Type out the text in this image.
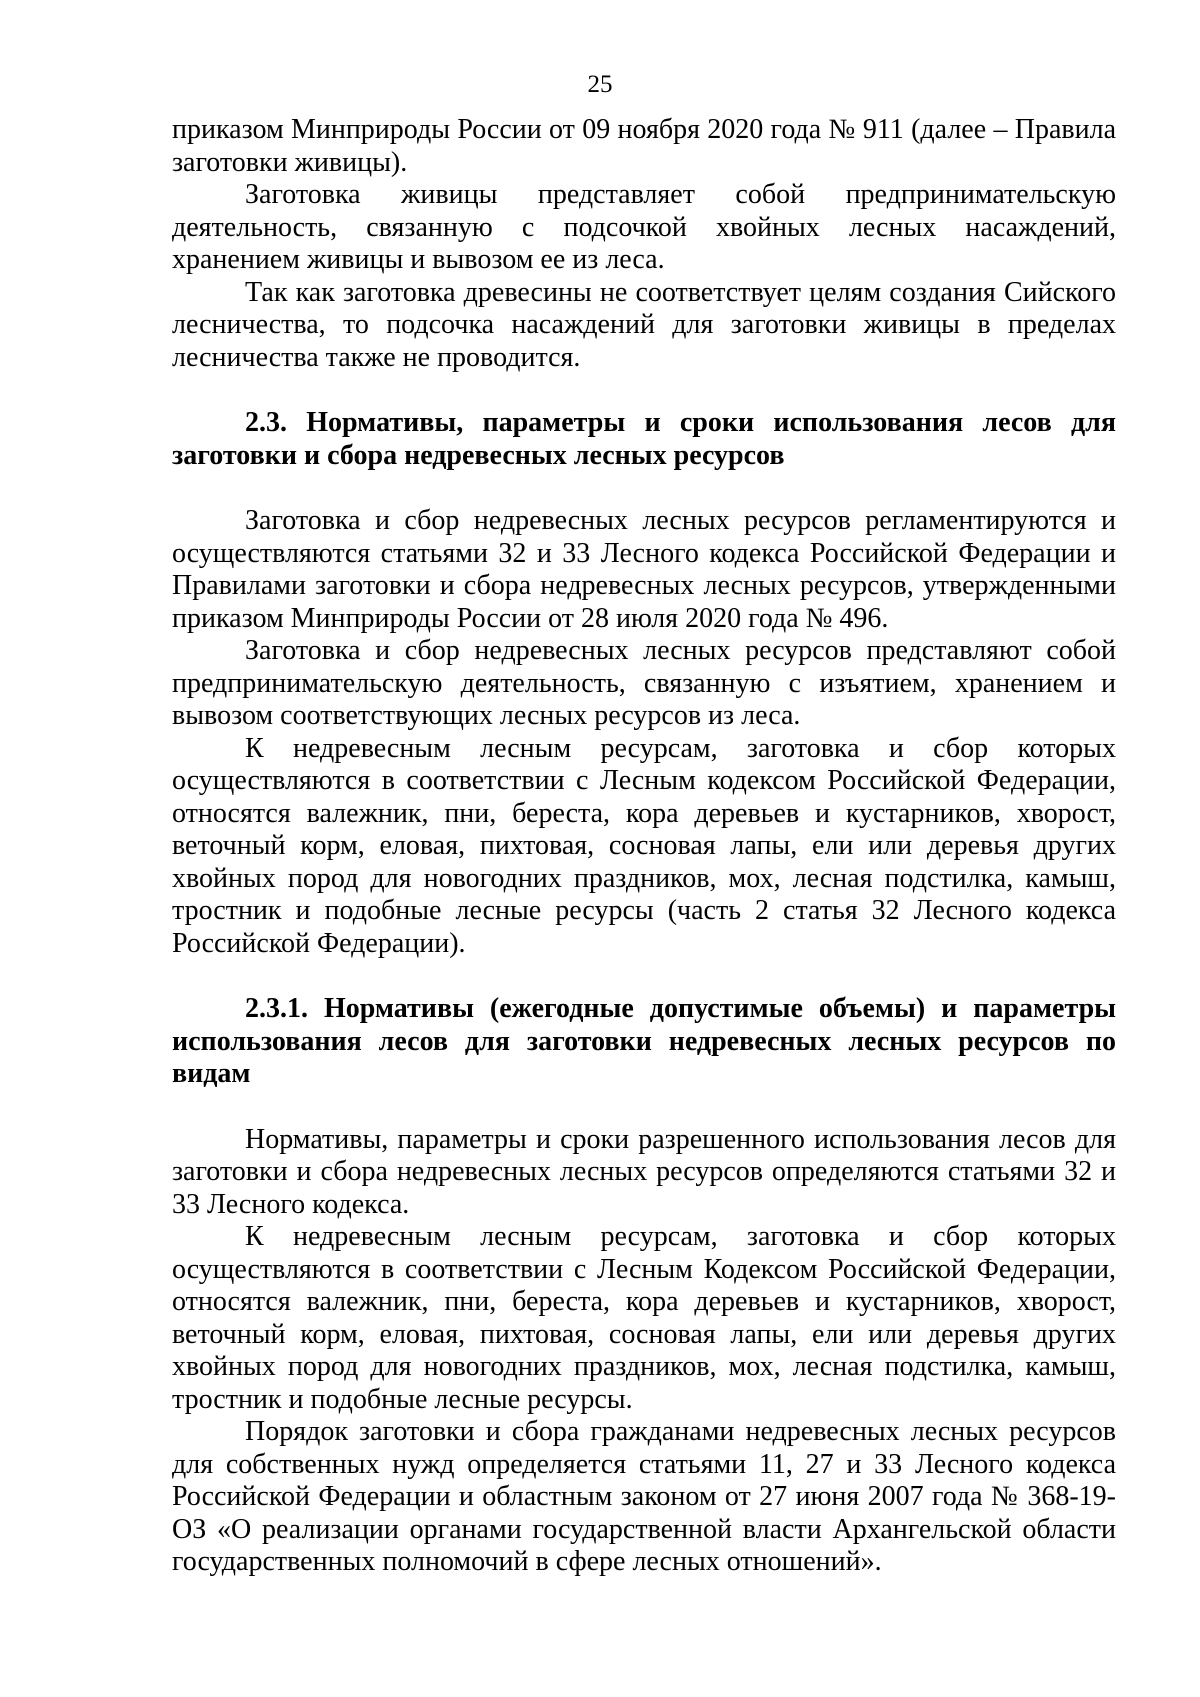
25

приказом Минприроды России от 09 ноября 2020 года № 911 (далее – Правила заготовки живицы).

Заготовка живицы представляет собой предпринимательскую деятельность, связанную с подсочкой хвойных лесных насаждений, хранением живицы и вывозом ее из леса.

Так как заготовка древесины не соответствует целям создания Сийского лесничества, то подсочка насаждений для заготовки живицы в пределах лесничества также не проводится.

2.3. Нормативы, параметры и сроки использования лесов для заготовки и сбора недревесных лесных ресурсов

Заготовка и сбор недревесных лесных ресурсов регламентируются и осуществляются статьями 32 и 33 Лесного кодекса Российской Федерации и Правилами заготовки и сбора недревесных лесных ресурсов, утвержденными приказом Минприроды России от 28 июля 2020 года № 496.

Заготовка и сбор недревесных лесных ресурсов представляют собой предпринимательскую деятельность, связанную с изъятием, хранением и вывозом соответствующих лесных ресурсов из леса.

К недревесным лесным ресурсам, заготовка и сбор которых осуществляются в соответствии с Лесным кодексом Российской Федерации, относятся валежник, пни, береста, кора деревьев и кустарников, хворост, веточный корм, еловая, пихтовая, сосновая лапы, ели или деревья других хвойных пород для новогодних праздников, мох, лесная подстилка, камыш, тростник и подобные лесные ресурсы (часть 2 статья 32 Лесного кодекса Российской Федерации).

2.3.1. Нормативы (ежегодные допустимые объемы) и параметры использования лесов для заготовки недревесных лесных ресурсов по видам

Нормативы, параметры и сроки разрешенного использования лесов для заготовки и сбора недревесных лесных ресурсов определяются статьями 32 и 33 Лесного кодекса.

К недревесным лесным ресурсам, заготовка и сбор которых осуществляются в соответствии с Лесным Кодексом Российской Федерации, относятся валежник, пни, береста, кора деревьев и кустарников, хворост, веточный корм, еловая, пихтовая, сосновая лапы, ели или деревья других хвойных пород для новогодних праздников, мох, лесная подстилка, камыш, тростник и подобные лесные ресурсы.

Порядок заготовки и сбора гражданами недревесных лесных ресурсов для собственных нужд определяется статьями 11, 27 и 33 Лесного кодекса Российской Федерации и областным законом от 27 июня 2007 года № 368-19-ОЗ «О реализации органами государственной власти Архангельской области государственных полномочий в сфере лесных отношений».
